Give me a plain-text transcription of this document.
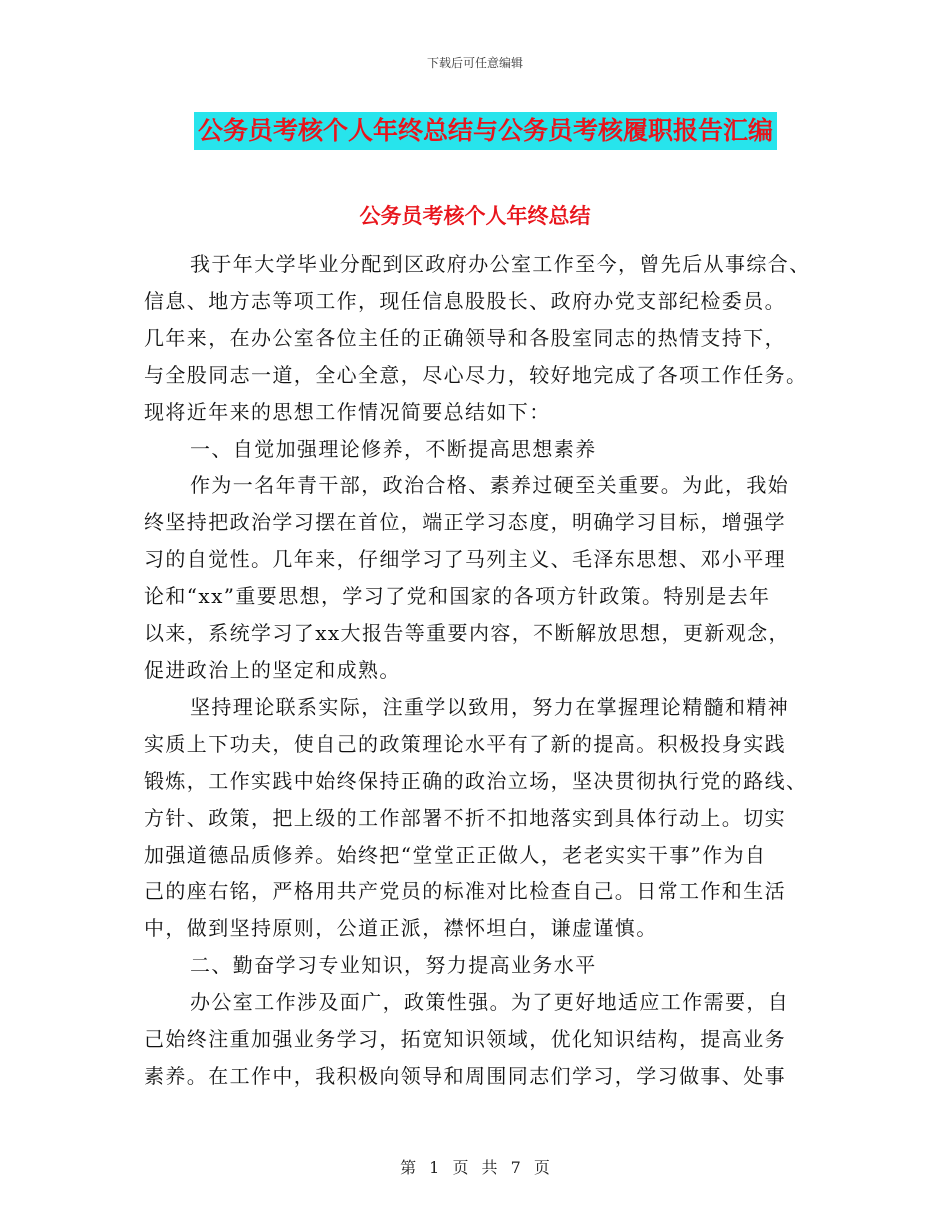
下载后可任意编辑
公务员考核个人年终总结与公务员考核履职报告汇编
公务员考核个人年终总结

我于年大学毕业分配到区政府办公室工作至今，曾先后从事综合、

信息、地方志等项工作，现任信息股股长、政府办党支部纪检委员。

几年来，在办公室各位主任的正确领导和各股室同志的热情支持下，

与全股同志一道，全心全意，尽心尽力，较好地完成了各项工作任务。

现将近年来的思想工作情况简要总结如下：

一、自觉加强理论修养，不断提高思想素养

作为一名年青干部，政治合格、素养过硬至关重要。为此，我始

终坚持把政治学习摆在首位，端正学习态度，明确学习目标，增强学

习的自觉性。几年来，仔细学习了马列主义、毛泽东思想、邓小平理

论和“xx”重要思想，学习了党和国家的各项方针政策。特别是去年

以来，系统学习了xx大报告等重要内容，不断解放思想，更新观念，

促进政治上的坚定和成熟。

坚持理论联系实际，注重学以致用，努力在掌握理论精髓和精神

实质上下功夫，使自己的政策理论水平有了新的提高。积极投身实践

锻炼，工作实践中始终保持正确的政治立场，坚决贯彻执行党的路线、

方针、政策，把上级的工作部署不折不扣地落实到具体行动上。切实

加强道德品质修养。始终把“堂堂正正做人，老老实实干事”作为自

己的座右铭，严格用共产党员的标准对比检查自己。日常工作和生活

中，做到坚持原则，公道正派，襟怀坦白，谦虚谨慎。

二、勤奋学习专业知识，努力提高业务水平

办公室工作涉及面广，政策性强。为了更好地适应工作需要，自

己始终注重加强业务学习，拓宽知识领域，优化知识结构，提高业务

素养。在工作中，我积极向领导和周围同志们学习，学习做事、处事

第 1 页 共 7 页
